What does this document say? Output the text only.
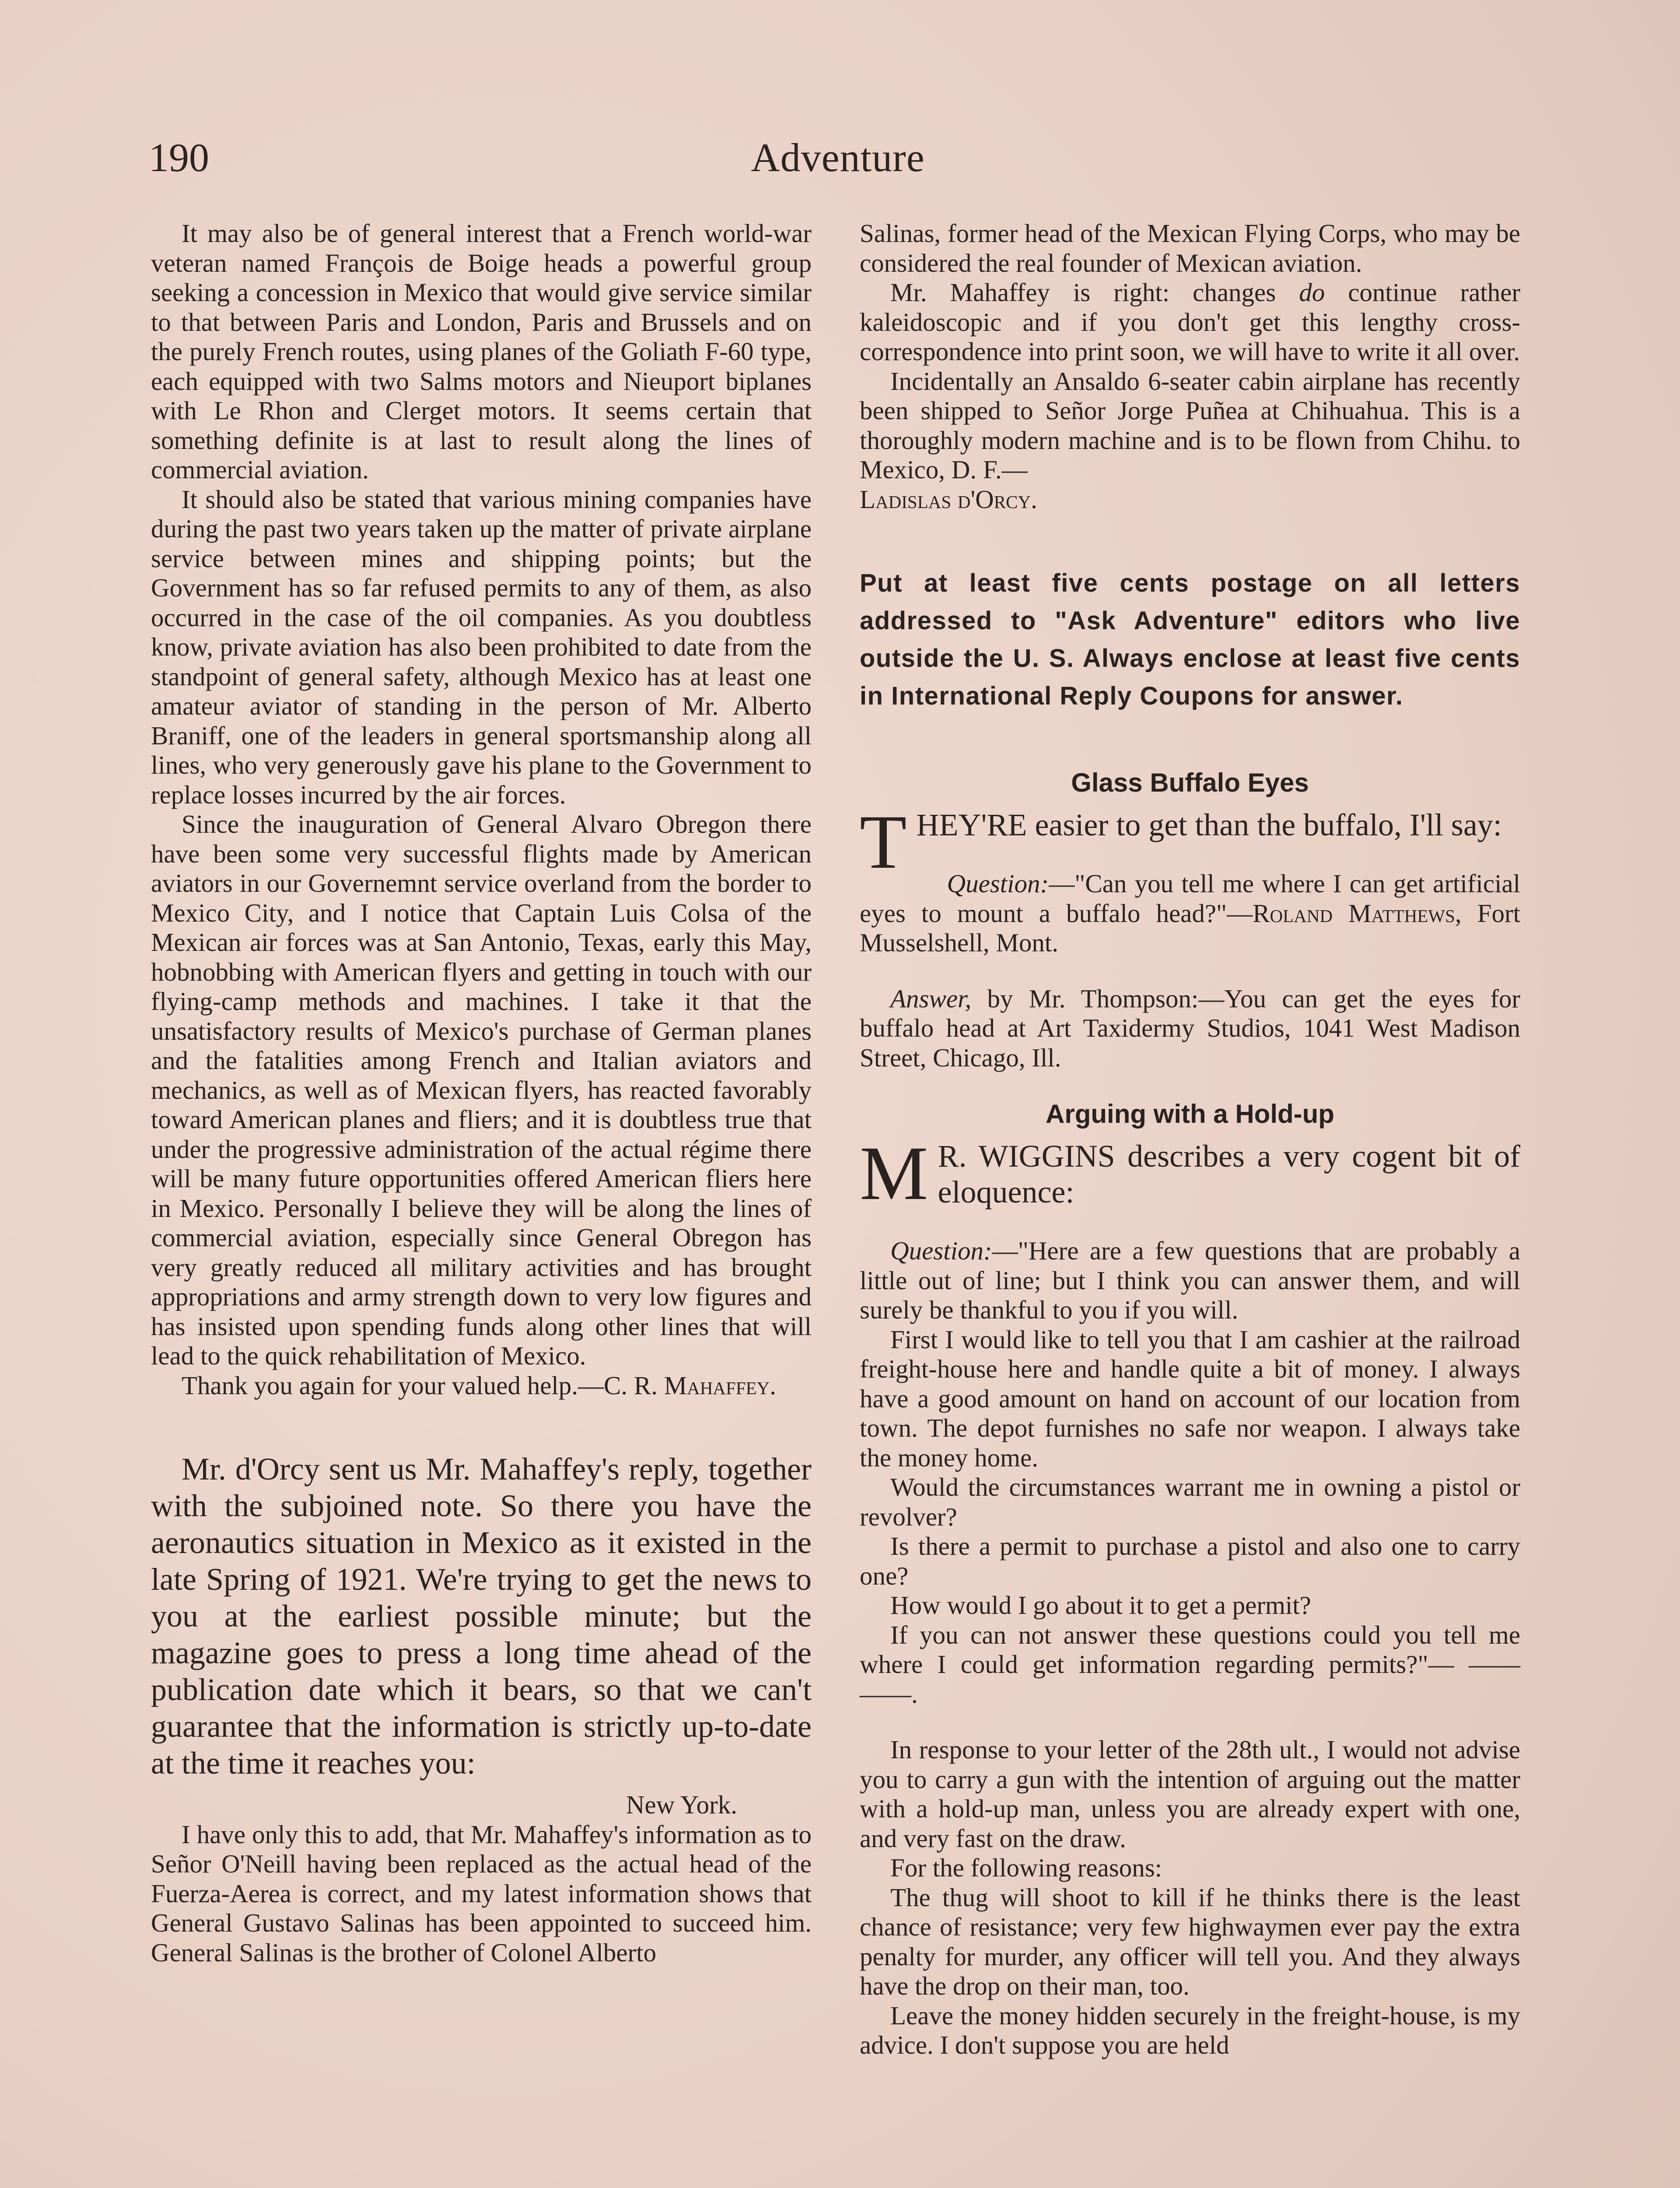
190	Adventure

It may also be of general interest that a French world-war veteran named François de Boige heads a powerful group seeking a concession in Mexico that would give service similar to that between Paris and London, Paris and Brussels and on the purely French routes, using planes of the Goliath F-60 type, each equipped with two Salms motors and Nieuport biplanes with Le Rhon and Clerget motors. It seems certain that something definite is at last to result along the lines of commercial aviation.

It should also be stated that various mining companies have during the past two years taken up the matter of private airplane service between mines and shipping points; but the Government has so far refused permits to any of them, as also occurred in the case of the oil companies. As you doubtless know, private aviation has also been prohibited to date from the standpoint of general safety, although Mexico has at least one amateur aviator of standing in the person of Mr. Alberto Braniff, one of the leaders in general sportsmanship along all lines, who very generously gave his plane to the Government to replace losses incurred by the air forces.

Since the inauguration of General Alvaro Obregon there have been some very successful flights made by American aviators in our Governemnt service overland from the border to Mexico City, and I notice that Captain Luis Colsa of the Mexican air forces was at San Antonio, Texas, early this May, hobnobbing with American flyers and getting in touch with our flying-camp methods and machines. I take it that the unsatisfactory results of Mexico's purchase of German planes and the fatalities among French and Italian aviators and mechanics, as well as of Mexican flyers, has reacted favorably toward American planes and fliers; and it is doubtless true that under the progressive administration of the actual régime there will be many future opportunities offered American fliers here in Mexico. Personally I believe they will be along the lines of commercial aviation, especially since General Obregon has very greatly reduced all military activities and has brought appropriations and army strength down to very low figures and has insisted upon spending funds along other lines that will lead to the quick rehabilitation of Mexico.

Thank you again for your valued help.—C. R. Mahaffey.

Mr. d'Orcy sent us Mr. Mahaffey's reply, together with the subjoined note. So there you have the aeronautics situation in Mexico as it existed in the late Spring of 1921. We're trying to get the news to you at the earliest possible minute; but the magazine goes to press a long time ahead of the publication date which it bears, so that we can't guarantee that the information is strictly up-to-date at the time it reaches you:

New York.

I have only this to add, that Mr. Mahaffey's information as to Señor O'Neill having been replaced as the actual head of the Fuerza-Aerea is correct, and my latest information shows that General Gustavo Salinas has been appointed to succeed him. General Salinas is the brother of Colonel Alberto

Salinas, former head of the Mexican Flying Corps, who may be considered the real founder of Mexican aviation.

Mr. Mahaffey is right: changes do continue rather kaleidoscopic and if you don't get this lengthy cross-correspondence into print soon, we will have to write it all over.

Incidentally an Ansaldo 6-seater cabin airplane has recently been shipped to Señor Jorge Puñea at Chihuahua. This is a thoroughly modern machine and is to be flown from Chihu. to Mexico, D. F.—
Ladislas d'Orcy.

Put at least five cents postage on all letters addressed to "Ask Adventure" editors who live outside the U. S. Always enclose at least five cents in International Reply Coupons for answer.

Glass Buffalo Eyes

THEY'RE easier to get than the buffalo, I'll say:

Question:—"Can you tell me where I can get artificial eyes to mount a buffalo head?"—Roland Matthews, Fort Musselshell, Mont.

Answer, by Mr. Thompson:—You can get the eyes for buffalo head at Art Taxidermy Studios, 1041 West Madison Street, Chicago, Ill.

Arguing with a Hold-up

M R. WIGGINS describes a very cogent bit of eloquence:

Question:—"Here are a few questions that are probably a little out of line; but I think you can answer them, and will surely be thankful to you if you will.

First I would like to tell you that I am cashier at the railroad freight-house here and handle quite a bit of money. I always have a good amount on hand on account of our location from town. The depot furnishes no safe nor weapon. I always take the money home.

Would the circumstances warrant me in owning a pistol or revolver?

Is there a permit to purchase a pistol and also one to carry one?

How would I go about it to get a permit?

If you can not answer these questions could you tell me where I could get information regarding permits?"— —— ——.

In response to your letter of the 28th ult., I would not advise you to carry a gun with the intention of arguing out the matter with a hold-up man, unless you are already expert with one, and very fast on the draw.

For the following reasons:

The thug will shoot to kill if he thinks there is the least chance of resistance; very few highwaymen ever pay the extra penalty for murder, any officer will tell you. And they always have the drop on their man, too.

Leave the money hidden securely in the freight-house, is my advice. I don't suppose you are held
